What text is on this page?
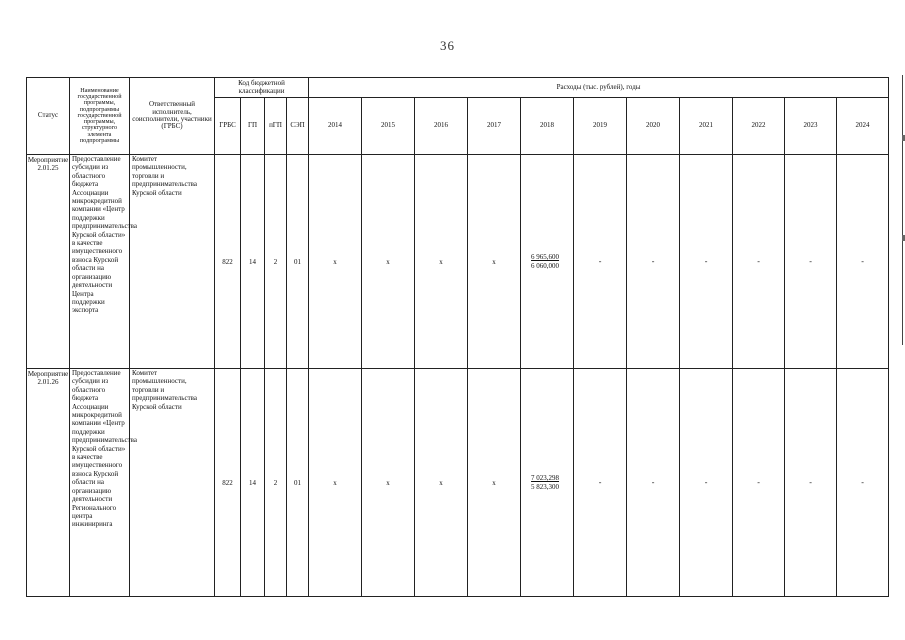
36
Статус	Наименование государственной программы, подпрограммы государственной программы, структурного элемента подпрограммы	Ответственный исполнитель, соисполнители, участники (ГРБС)	Код бюджетной классификации				Расходы (тыс. рублей), годы										
			ГРБС	ГП	пГП	СЭП	2014	2015	2016	2017	2018	2019	2020	2021	2022	2023	2024
Мероприятие 2.01.25	Предоставление субсидии из областного бюджета Ассоциации микрокредитной компании «Центр поддержки предпринимательства Курской области» в качестве имущественного взноса Курской области на организацию деятельности Центра поддержки экспорта	Комитет промышленности, торговли и предпринимательства Курской области	822	14	2	01	x	x	x	x	6 965,600
6 060,000	-	-	-	-	-	-
Мероприятие 2.01.26	Предоставление субсидии из областного бюджета Ассоциации микрокредитной компании «Центр поддержки предпринимательства Курской области» в качестве имущественного взноса Курской области на организацию деятельности Регионального центра инжиниринга	Комитет промышленности, торговли и предпринимательства Курской области	822	14	2	01	x	x	x	x	7 023,298
5 823,300	-	-	-	-	-	-
